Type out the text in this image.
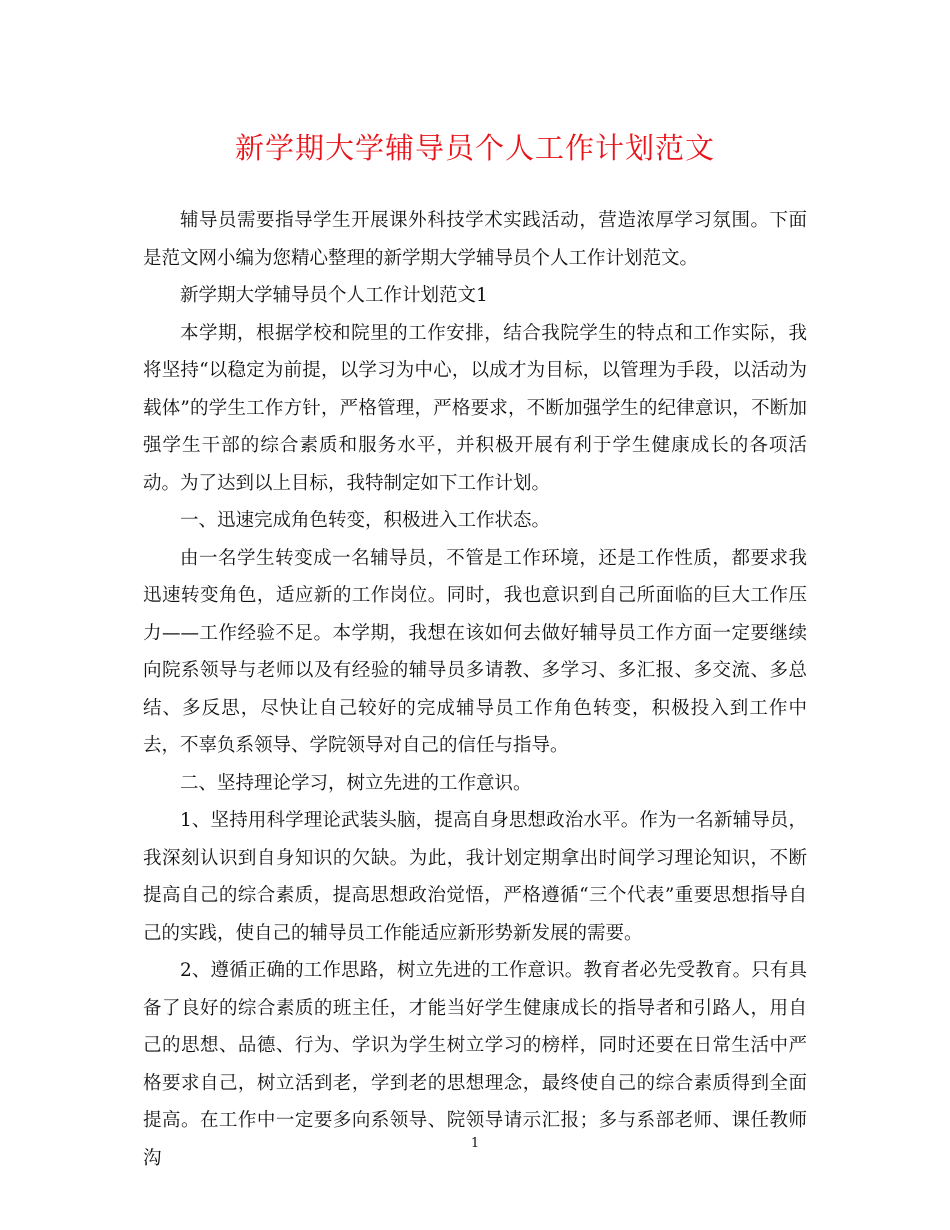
新学期大学辅导员个人工作计划范文

辅导员需要指导学生开展课外科技学术实践活动，营造浓厚学习氛围。下面是范文网小编为您精心整理的新学期大学辅导员个人工作计划范文。

新学期大学辅导员个人工作计划范文1

本学期，根据学校和院里的工作安排，结合我院学生的特点和工作实际，我将坚持“以稳定为前提，以学习为中心，以成才为目标，以管理为手段，以活动为载体”的学生工作方针，严格管理，严格要求，不断加强学生的纪律意识，不断加强学生干部的综合素质和服务水平，并积极开展有利于学生健康成长的各项活动。为了达到以上目标，我特制定如下工作计划。

一、迅速完成角色转变，积极进入工作状态。

由一名学生转变成一名辅导员，不管是工作环境，还是工作性质，都要求我迅速转变角色，适应新的工作岗位。同时，我也意识到自己所面临的巨大工作压力——工作经验不足。本学期，我想在该如何去做好辅导员工作方面一定要继续向院系领导与老师以及有经验的辅导员多请教、多学习、多汇报、多交流、多总结、多反思，尽快让自己较好的完成辅导员工作角色转变，积极投入到工作中去，不辜负系领导、学院领导对自己的信任与指导。

二、坚持理论学习，树立先进的工作意识。

1、坚持用科学理论武装头脑，提高自身思想政治水平。作为一名新辅导员，我深刻认识到自身知识的欠缺。为此，我计划定期拿出时间学习理论知识，不断提高自己的综合素质，提高思想政治觉悟，严格遵循“三个代表”重要思想指导自己的实践，使自己的辅导员工作能适应新形势新发展的需要。

2、遵循正确的工作思路，树立先进的工作意识。教育者必先受教育。只有具备了良好的综合素质的班主任，才能当好学生健康成长的指导者和引路人，用自己的思想、品德、行为、学识为学生树立学习的榜样，同时还要在日常生活中严格要求自己，树立活到老，学到老的思想理念，最终使自己的综合素质得到全面提高。在工作中一定要多向系领导、院领导请示汇报；多与系部老师、课任教师沟

1
